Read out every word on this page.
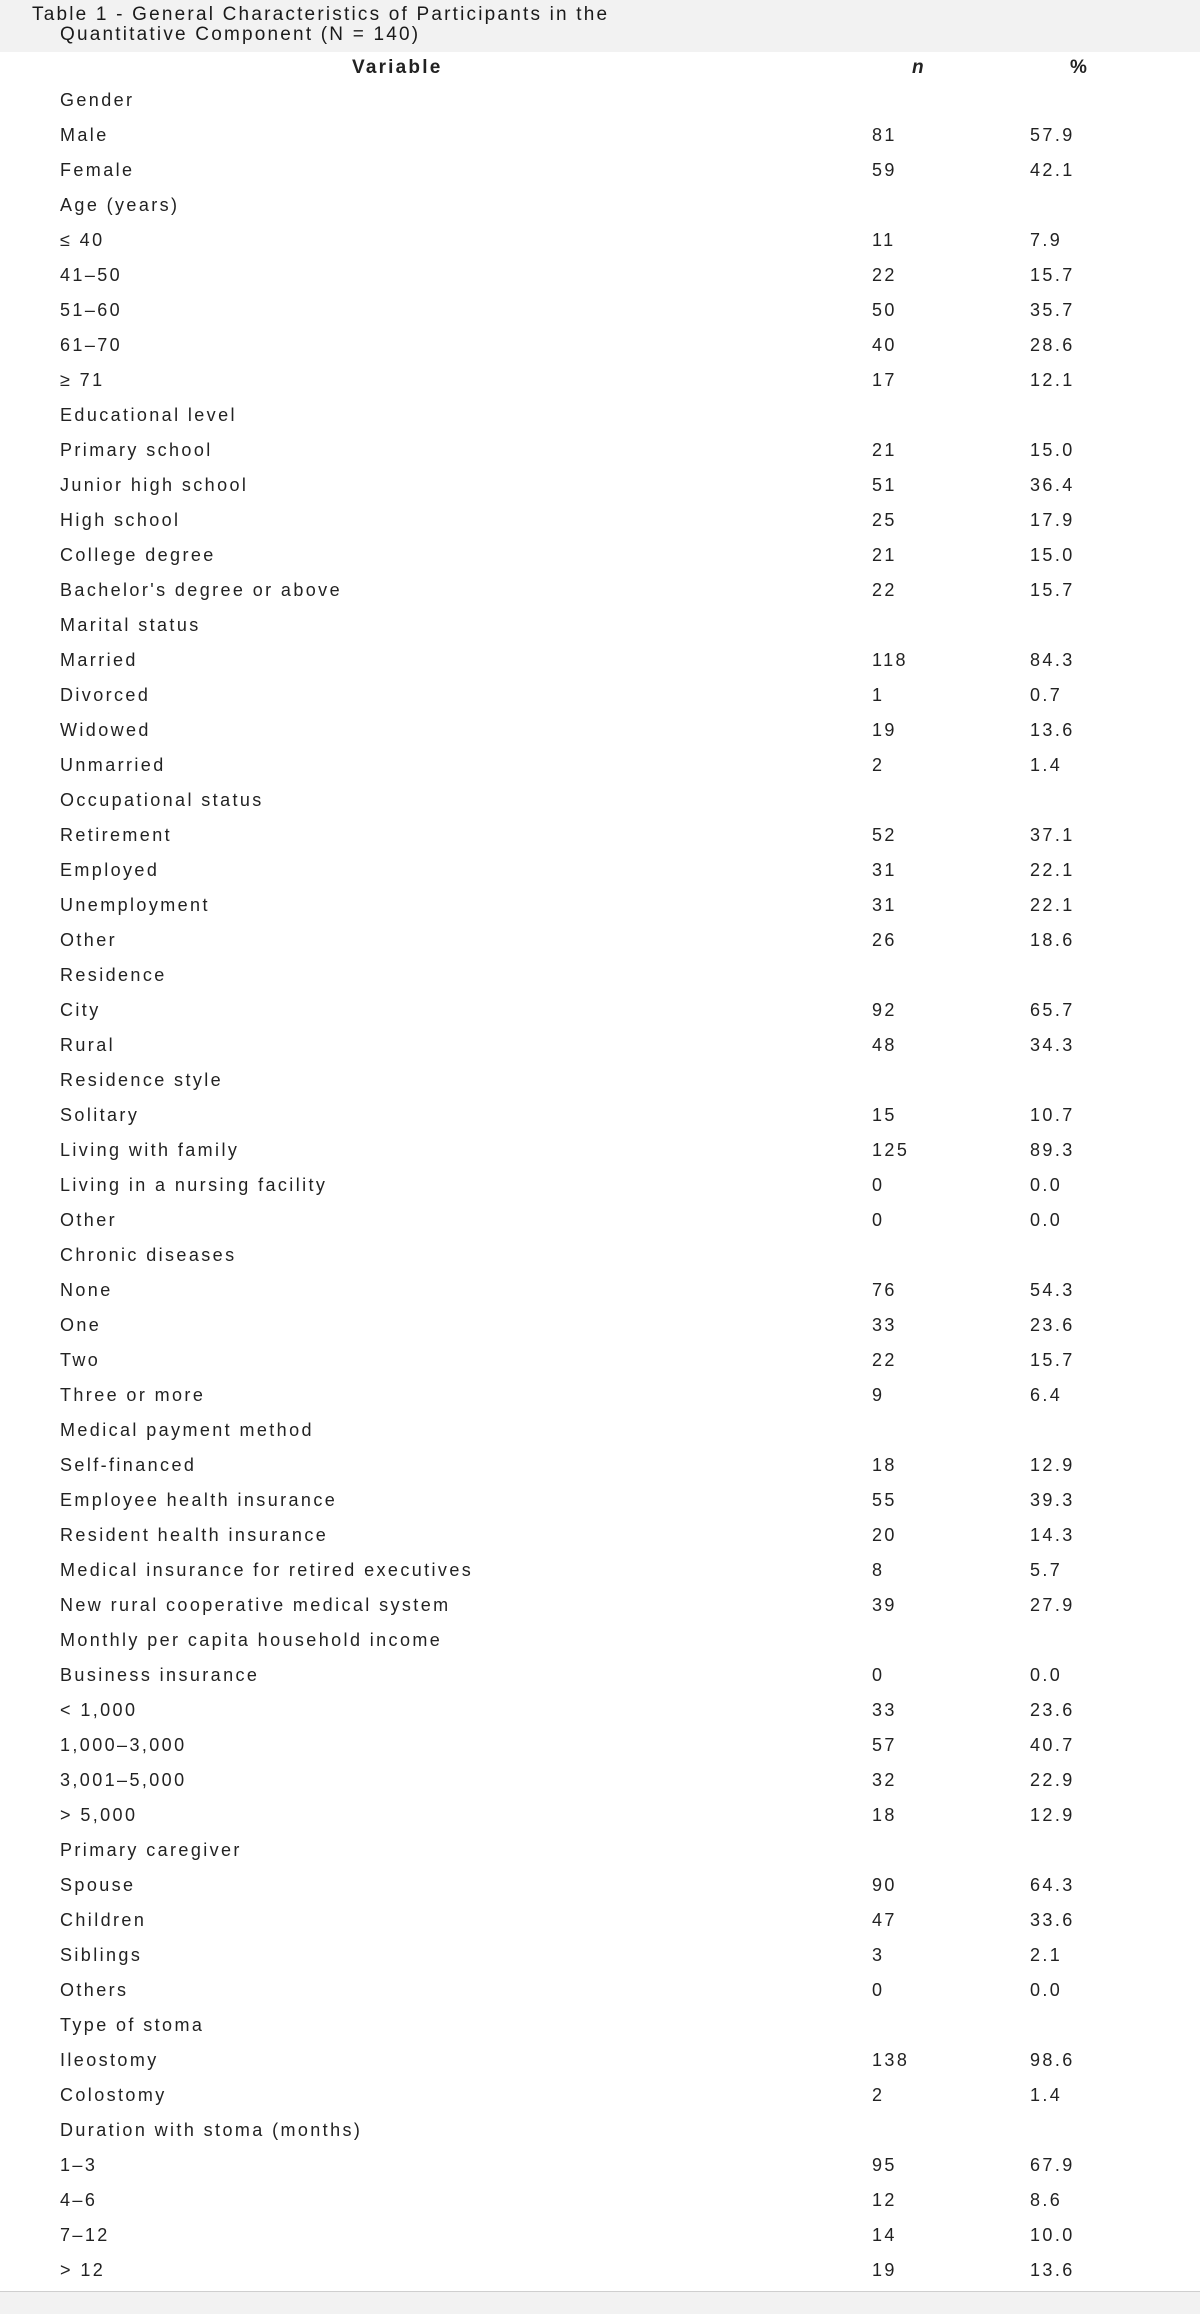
Table 1 - General Characteristics of Participants in the
Quantitative Component (N = 140)
Variable	n	%
Gender
Male	81	57.9
Female	59	42.1
Age (years)
≤ 40	11	7.9
41–50	22	15.7
51–60	50	35.7
61–70	40	28.6
≥ 71	17	12.1
Educational level
Primary school	21	15.0
Junior high school	51	36.4
High school	25	17.9
College degree	21	15.0
Bachelor's degree or above	22	15.7
Marital status
Married	118	84.3
Divorced	1	0.7
Widowed	19	13.6
Unmarried	2	1.4
Occupational status
Retirement	52	37.1
Employed	31	22.1
Unemployment	31	22.1
Other	26	18.6
Residence
City	92	65.7
Rural	48	34.3
Residence style
Solitary	15	10.7
Living with family	125	89.3
Living in a nursing facility	0	0.0
Other	0	0.0
Chronic diseases
None	76	54.3
One	33	23.6
Two	22	15.7
Three or more	9	6.4
Medical payment method
Self-financed	18	12.9
Employee health insurance	55	39.3
Resident health insurance	20	14.3
Medical insurance for retired executives	8	5.7
New rural cooperative medical system	39	27.9
Monthly per capita household income
Business insurance	0	0.0
< 1,000	33	23.6
1,000–3,000	57	40.7
3,001–5,000	32	22.9
> 5,000	18	12.9
Primary caregiver
Spouse	90	64.3
Children	47	33.6
Siblings	3	2.1
Others	0	0.0
Type of stoma
Ileostomy	138	98.6
Colostomy	2	1.4
Duration with stoma (months)
1–3	95	67.9
4–6	12	8.6
7–12	14	10.0
> 12	19	13.6
